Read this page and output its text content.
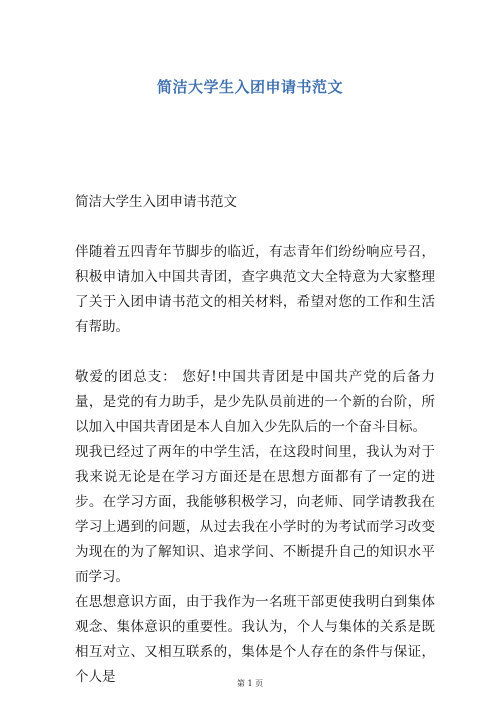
简洁大学生入团申请书范文

简洁大学生入团申请书范文

伴随着五四青年节脚步的临近，有志青年们纷纷响应号召，积极申请加入中国共青团，查字典范文大全特意为大家整理了关于入团申请书范文的相关材料，希望对您的工作和生活有帮助。

敬爱的团总支： 您好!中国共青团是中国共产党的后备力量，是党的有力助手，是少先队员前进的一个新的台阶，所以加入中国共青团是本人自加入少先队后的一个奋斗目标。

现我已经过了两年的中学生活，在这段时间里，我认为对于我来说无论是在学习方面还是在思想方面都有了一定的进步。在学习方面，我能够积极学习，向老师、同学请教我在学习上遇到的问题，从过去我在小学时的为考试而学习改变为现在的为了解知识、追求学问、不断提升自己的知识水平而学习。

在思想意识方面，由于我作为一名班干部更使我明白到集体观念、集体意识的重要性。我认为，个人与集体的关系是既相互对立、又相互联系的，集体是个人存在的条件与保证，个人是	第 1 页
